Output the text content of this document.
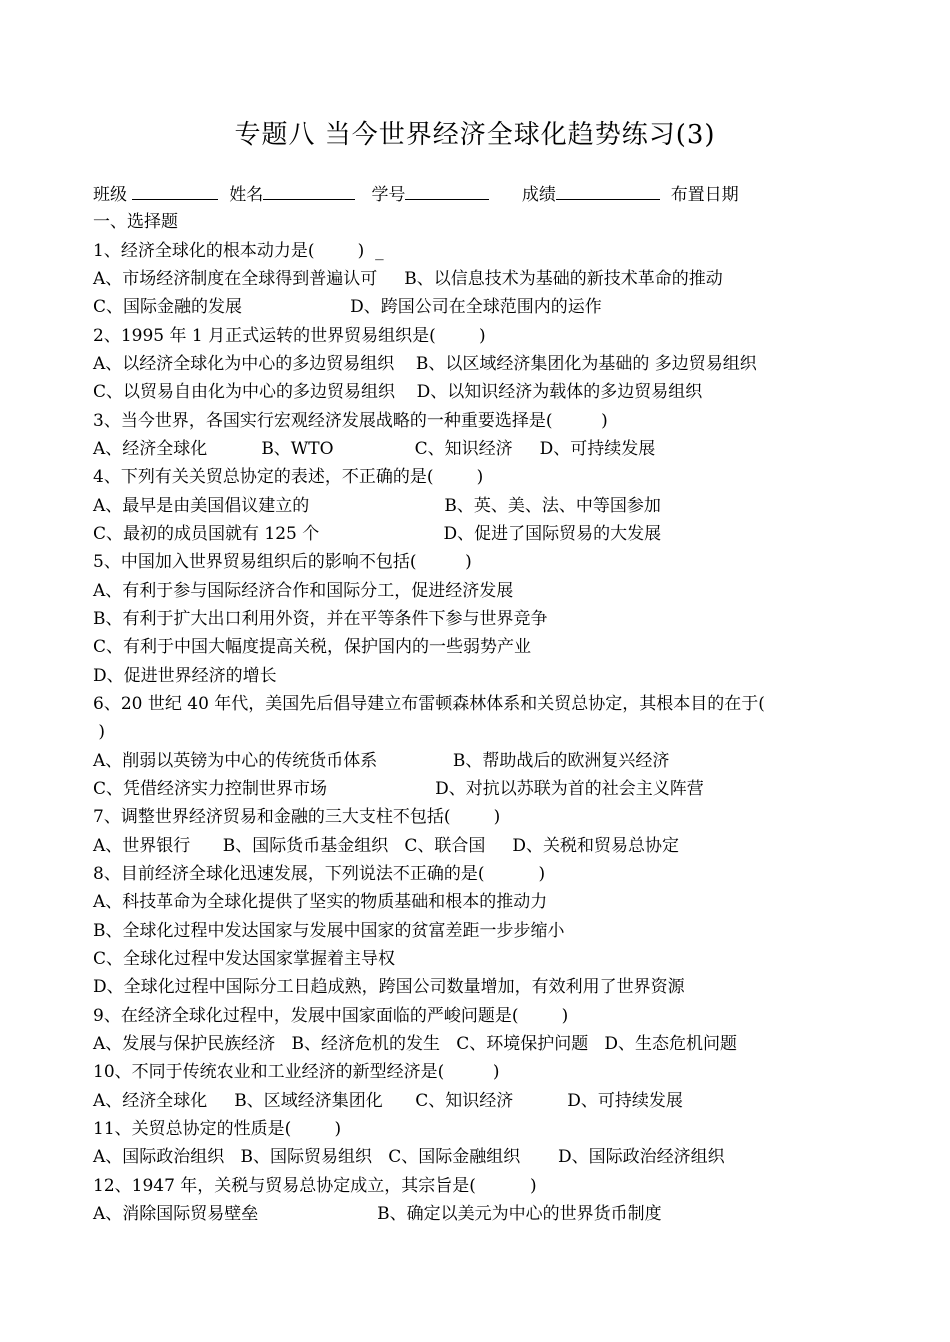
专题八 当今世界经济全球化趋势练习(3)
班级	姓名	学号	成绩	布置日期
一、选择题
1、经济全球化的根本动力是(        )  _
A、市场经济制度在全球得到普遍认可     B、以信息技术为基础的新技术革命的推动
C、国际金融的发展                    D、跨国公司在全球范围内的运作
2、1995 年 1 月正式运转的世界贸易组织是(        )
A、以经济全球化为中心的多边贸易组织    B、以区域经济集团化为基础的 多边贸易组织
C、以贸易自由化为中心的多边贸易组织    D、以知识经济为载体的多边贸易组织
3、当今世界，各国实行宏观经济发展战略的一种重要选择是(         )
A、经济全球化          B、WTO               C、知识经济     D、可持续发展
4、下列有关关贸总协定的表述，不正确的是(        )
A、最早是由美国倡议建立的                         B、英、美、法、中等国参加
C、最初的成员国就有 125 个                       D、促进了国际贸易的大发展
5、中国加入世界贸易组织后的影响不包括(         )
A、有利于参与国际经济合作和国际分工，促进经济发展
B、有利于扩大出口利用外资，并在平等条件下参与世界竞争
C、有利于中国大幅度提高关税，保护国内的一些弱势产业
D、促进世界经济的增长
6、20 世纪 40 年代，美国先后倡导建立布雷顿森林体系和关贸总协定，其根本目的在于(
)
A、削弱以英镑为中心的传统货币体系              B、帮助战后的欧洲复兴经济
C、凭借经济实力控制世界市场                    D、对抗以苏联为首的社会主义阵营
7、调整世界经济贸易和金融的三大支柱不包括(        )
A、世界银行      B、国际货币基金组织   C、联合国     D、关税和贸易总协定
8、目前经济全球化迅速发展，下列说法不正确的是(          )
A、科技革命为全球化提供了坚实的物质基础和根本的推动力
B、全球化过程中发达国家与发展中国家的贫富差距一步步缩小
C、全球化过程中发达国家掌握着主导权
D、全球化过程中国际分工日趋成熟，跨国公司数量增加，有效利用了世界资源
9、在经济全球化过程中，发展中国家面临的严峻问题是(        )
A、发展与保护民族经济   B、经济危机的发生   C、环境保护问题   D、生态危机问题
10、不同于传统农业和工业经济的新型经济是(         )
A、经济全球化     B、区域经济集团化      C、知识经济          D、可持续发展
11、关贸总协定的性质是(        )
A、国际政治组织   B、国际贸易组织   C、国际金融组织       D、国际政治经济组织
12、1947 年，关税与贸易总协定成立，其宗旨是(          )
A、消除国际贸易壁垒                      B、确定以美元为中心的世界货币制度
